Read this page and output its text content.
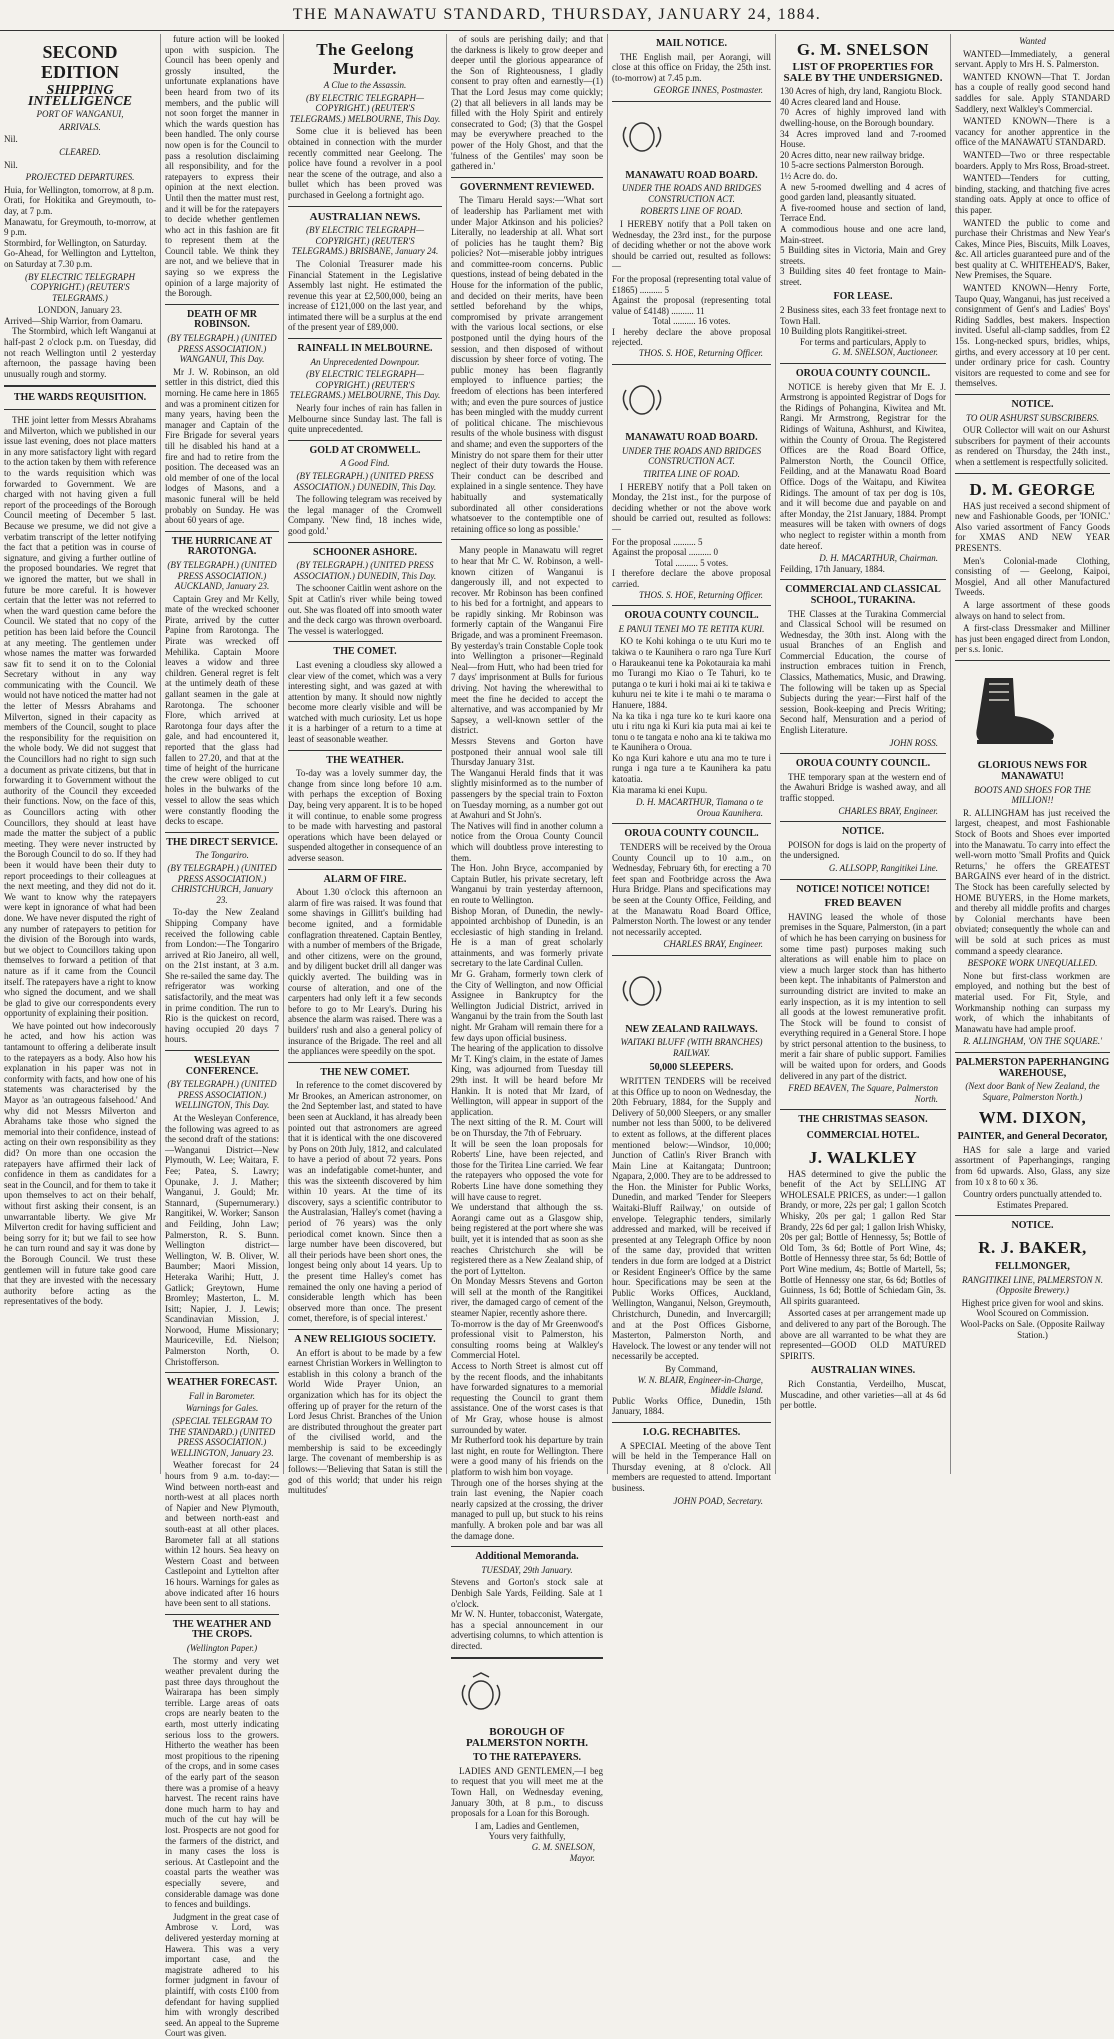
THE MANAWATU STANDARD, THURSDAY, JANUARY 24, 1884.
SECOND EDITION
SHIPPING INTELLIGENCE
PORT OF WANGANUI,
ARRIVALS.
Nil.
CLEARED.
Nil.
PROJECTED DEPARTURES.
Huia, for Wellington, tomorrow, at 8 p.m.
Orati, for Hokitika and Greymouth, to-day, at 7 p.m.
Manawatu, for Greymouth, to-morrow, at 9 p.m.
Stormbird, for Wellington, on Saturday.
Go-Ahead, for Wellington and Lyttelton, on Saturday at 7.30 p.m.
(BY ELECTRIC TELEGRAPH COPYRIGHT.) (REUTER'S TELEGRAMS.)
LONDON, January 23.
Arrived—Ship Warrior, from Oamaru.

The Stormbird, which left Wanganui at half-past 2 o'clock p.m. on Tuesday, did not reach Wellington until 2 yesterday afternoon, the passage having been unusually rough and stormy.

THE WARDS REQUISITION.

THE joint letter from Messrs Abrahams and Milverton, which we published in our issue last evening, does not place matters in any more satisfactory light with regard to the action taken by them with reference to the wards requisition which was forwarded to Government. We are charged with not having given a full report of the proceedings of the Borough Council meeting of December 5 last. Because we presume, we did not give a verbatim transcript of the letter notifying the fact that a petition was in course of signature, and giving a further outline of the proposed boundaries. We regret that we ignored the matter, but we shall in future be more careful. It is however certain that the letter was not referred to when the ward question came before the Council. We stated that no copy of the petition has been laid before the Council at any meeting. The gentlemen under whose names the matter was forwarded saw fit to send it on to the Colonial Secretary without in any way communicating with the Council. We would not have noticed the matter had not the letter of Messrs Abrahams and Milverton, signed in their capacity as members of the Council, sought to place the responsibility for the requisition on the whole body. We did not suggest that the Councillors had no right to sign such a document as private citizens, but that in forwarding it to Government without the authority of the Council they exceeded their functions. Now, on the face of this, as Councillors acting with other Councillors, they should at least have made the matter the subject of a public meeting. They were never instructed by the Borough Council to do so. If they had been it would have been their duty to report proceedings to their colleagues at the next meeting, and they did not do it. We want to know why the ratepayers were kept in ignorance of what had been done. We have never disputed the right of any number of ratepayers to petition for the division of the Borough into wards, but we object to Councillors taking upon themselves to forward a petition of that nature as if it came from the Council itself. The ratepayers have a right to know who signed the document, and we shall be glad to give our correspondents every opportunity of explaining their position.

We have pointed out how indecorously he acted, and how his action was tantamount to offering a deliberate insult to the ratepayers as a body. Also how his explanation in his paper was not in conformity with facts, and how one of his statements was characterised by the Mayor as 'an outrageous falsehood.' And why did not Messrs Milverton and Abrahams take those who signed the memorial into their confidence, instead of acting on their own responsibility as they did? On more than one occasion the ratepayers have affirmed their lack of confidence in them as candidates for a seat in the Council, and for them to take it upon themselves to act on their behalf, without first asking their consent, is an unwarrantable liberty. We give Mr Milverton credit for having sufficient and being sorry for it; but we fail to see how he can turn round and say it was done by the Borough Council. We trust these gentlemen will in future take good care that they are invested with the necessary authority before acting as the representatives of the body.

future action will be looked upon with suspicion. The Council has been openly and grossly insulted, the unfortunate explanations have been heard from two of its members, and the public will not soon forget the manner in which the wards question has been handled. The only course now open is for the Council to pass a resolution disclaiming all responsibility, and for the ratepayers to express their opinion at the next election. Until then the matter must rest, and it will be for the ratepayers to decide whether gentlemen who act in this fashion are fit to represent them at the Council table. We think they are not, and we believe that in saying so we express the opinion of a large majority of the Borough.

DEATH OF MR ROBINSON.
(BY TELEGRAPH.) (UNITED PRESS ASSOCIATION.) WANGANUI, This Day.

Mr J. W. Robinson, an old settler in this district, died this morning. He came here in 1865 and was a prominent citizen for many years, having been the manager and Captain of the Fire Brigade for several years till he disabled his hand at a fire and had to retire from the position. The deceased was an old member of one of the local lodges of Masons, and a masonic funeral will be held probably on Sunday. He was about 60 years of age.

THE HURRICANE AT RAROTONGA.
(BY TELEGRAPH.) (UNITED PRESS ASSOCIATION.) AUCKLAND, January 23.

Captain Grey and Mr Kelly, mate of the wrecked schooner Pirate, arrived by the cutter Papine from Rarotonga. The Pirate was wrecked off Mehilika. Captain Moore leaves a widow and three children. General regret is felt at the untimely death of these gallant seamen in the gale at Rarotonga. The schooner Flore, which arrived at Rarotonga four days after the gale, and had encountered it, reported that the glass had fallen to 27.20, and that at the time of height of the hurricane the crew were obliged to cut holes in the bulwarks of the vessel to allow the seas which were constantly flooding the decks to escape.

THE DIRECT SERVICE.
The Tongariro.
(BY TELEGRAPH.) (UNITED PRESS ASSOCIATION.) CHRISTCHURCH, January 23.

To-day the New Zealand Shipping Company have received the following cable from London:—The Tongariro arrived at Rio Janeiro, all well, on the 21st instant, at 3 a.m. She re-sailed the same day. The refrigerator was working satisfactorily, and the meat was in prime condition. The run to Rio is the quickest on record, having occupied 20 days 7 hours.

WESLEYAN CONFERENCE.
(BY TELEGRAPH.) (UNITED PRESS ASSOCIATION.) WELLINGTON, This Day.

At the Wesleyan Conference, the following was agreed to as the second draft of the stations:—Wanganui District—New Plymouth, W. Lee; Waitara, F. Fee; Patea, S. Lawry; Opunake, J. J. Mather; Wanganui, J. Gould; Mr. Stannard, (Supernumerary.) Rangitikei, W. Worker; Sanson and Feilding, John Law; Palmerston, R. S. Bunn. Wellington district—Wellington, W. B. Oliver, W. Baumber; Maori Mission, Heteraka Warihi; Hutt, J. Gatlick; Greytown, Hume Bromley; Masterton, L. M. Isitt; Napier, J. J. Lewis; Scandinavian Mission, J. Norwood, Hume Missionary; Mauriceville, Ed. Nielson; Palmerston North, O. Christofferson.

WEATHER FORECAST.
Fall in Barometer.
Warnings for Gales.
(SPECIAL TELEGRAM TO THE STANDARD.) (UNITED PRESS ASSOCIATION.) WELLINGTON, January 23.

Weather forecast for 24 hours from 9 a.m. to-day:—Wind between north-east and north-west at all places north of Napier and New Plymouth, and between north-east and south-east at all other places. Barometer fall at all stations within 12 hours. Sea heavy on Western Coast and between Castlepoint and Lyttelton after 16 hours. Warnings for gales as above indicated after 16 hours have been sent to all stations.

THE WEATHER AND THE CROPS.
(Wellington Paper.)

The stormy and very wet weather prevalent during the past three days throughout the Wairarapa has been simply terrible. Large areas of oats crops are nearly beaten to the earth, most utterly indicating serious loss to the growers. Hitherto the weather has been most propitious to the ripening of the crops, and in some cases of the early part of the season there was a promise of a heavy harvest. The recent rains have done much harm to hay and much of the cut hay will be lost. Prospects are not good for the farmers of the district, and in many cases the loss is serious. At Castlepoint and the coastal parts the weather was especially severe, and considerable damage was done to fences and buildings.

Judgment in the great case of Ambrose v. Lord, was delivered yesterday morning at Hawera. This was a very important case, and the magistrate adhered to his former judgment in favour of plaintiff, with costs £100 from defendant for having supplied him with wrongly described seed. An appeal to the Supreme Court was given.

The Geelong Murder.
A Clue to the Assassin.
(BY ELECTRIC TELEGRAPH—COPYRIGHT.) (REUTER'S TELEGRAMS.) MELBOURNE, This Day.

Some clue it is believed has been obtained in connection with the murder recently committed near Geelong. The police have found a revolver in a pool near the scene of the outrage, and also a bullet which has been proved was purchased in Geelong a fortnight ago.

AUSTRALIAN NEWS.
(BY ELECTRIC TELEGRAPH—COPYRIGHT.) (REUTER'S TELEGRAMS.) BRISBANE, January 24.

The Colonial Treasurer made his Financial Statement in the Legislative Assembly last night. He estimated the revenue this year at £2,500,000, being an increase of £121,000 on the last year, and intimated there will be a surplus at the end of the present year of £89,000.

RAINFALL IN MELBOURNE.
An Unprecedented Downpour.
(BY ELECTRIC TELEGRAPH—COPYRIGHT.) (REUTER'S TELEGRAMS.) MELBOURNE, This Day.

Nearly four inches of rain has fallen in Melbourne since Sunday last. The fall is quite unprecedented.

GOLD AT CROMWELL.
A Good Find.
(BY TELEGRAPH.) (UNITED PRESS ASSOCIATION.) DUNEDIN, This Day.

The following telegram was received by the legal manager of the Cromwell Company. 'New find, 18 inches wide, good gold.'

SCHOONER ASHORE.
(BY TELEGRAPH.) (UNITED PRESS ASSOCIATION.) DUNEDIN, This Day.

The schooner Caitlin went ashore on the Spit at Catlin's river while being towed out. She was floated off into smooth water and the deck cargo was thrown overboard. The vessel is waterlogged.

THE COMET.

Last evening a cloudless sky allowed a clear view of the comet, which was a very interesting sight, and was gazed at with attention by many. It should now nightly become more clearly visible and will be watched with much curiosity. Let us hope it is a harbinger of a return to a time at least of seasonable weather.

THE WEATHER.

To-day was a lovely summer day, the change from since long before 10 a.m. with perhaps the exception of Boxing Day, being very apparent. It is to be hoped it will continue, to enable some progress to be made with harvesting and pastoral operations which have been delayed or suspended altogether in consequence of an adverse season.

ALARM OF FIRE.

About 1.30 o'clock this afternoon an alarm of fire was raised. It was found that some shavings in Gillitt's building had become ignited, and a formidable conflagration threatened. Captain Bentley, with a number of members of the Brigade, and other citizens, were on the ground, and by diligent bucket drill all danger was quickly averted. The building was in course of alteration, and one of the carpenters had only left it a few seconds before to go to Mr Leary's. During his absence the alarm was raised. There was a builders' rush and also a general policy of insurance of the Brigade. The reel and all the appliances were speedily on the spot.

THE NEW COMET.

In reference to the comet discovered by Mr Brookes, an American astronomer, on the 2nd September last, and stated to have been seen at Auckland, it has already been pointed out that astronomers are agreed that it is identical with the one discovered by Pons on 20th July, 1812, and calculated to have a period of about 72 years. Pons was an indefatigable comet-hunter, and this was the sixteenth discovered by him within 10 years. At the time of its discovery, says a scientific contributor to the Australasian, 'Halley's comet (having a period of 76 years) was the only periodical comet known. Since then a large number have been discovered, but all their periods have been short ones, the longest being only about 14 years. Up to the present time Halley's comet has remained the only one having a period of considerable length which has been observed more than once. The present comet, therefore, is of special interest.'

A NEW RELIGIOUS SOCIETY.

An effort is about to be made by a few earnest Christian Workers in Wellington to establish in this colony a branch of the World Wide Prayer Union, an organization which has for its object the offering up of prayer for the return of the Lord Jesus Christ. Branches of the Union are distributed throughout the greater part of the civilised world, and the membership is said to be exceedingly large. The covenant of membership is as follows:—'Believing that Satan is still the god of this world; that under his reign multitudes'

of souls are perishing daily; and that the darkness is likely to grow deeper and deeper until the glorious appearance of the Son of Righteousness, I gladly consent to pray often and earnestly—(1) That the Lord Jesus may come quickly; (2) that all believers in all lands may be filled with the Holy Spirit and entirely consecrated to God; (3) that the Gospel may be everywhere preached to the power of the Holy Ghost, and that the 'fulness of the Gentiles' may soon be gathered in.'

GOVERNMENT REVIEWED.

The Timaru Herald says:—'What sort of leadership has Parliament met with under Major Atkinson and his policies? Literally, no leadership at all. What sort of policies has he taught them? Big policies? Not—miserable jobby intrigues and committee-room concerns. Public questions, instead of being debated in the House for the information of the public, and decided on their merits, have been settled beforehand by the whips, compromised by private arrangement with the various local sections, or else postponed until the dying hours of the session, and then disposed of without discussion by sheer force of voting. The public money has been flagrantly employed to influence parties; the freedom of elections has been interfered with; and even the pure sources of justice has been mingled with the muddy current of political chicane. The mischievous results of the whole business with disgust and shame; and even the supporters of the Ministry do not spare them for their utter neglect of their duty towards the House. Their conduct can be described and explained in a single sentence. They have habitually and systematically subordinated all other considerations whatsoever to the contemptible one of retaining office so long as possible.'

Many people in Manawatu will regret to hear that Mr C. W. Robinson, a well-known citizen of Wanganui is dangerously ill, and not expected to recover. Mr Robinson has been confined to his bed for a fortnight, and appears to be rapidly sinking. Mr Robinson was formerly captain of the Wanganui Fire Brigade, and was a prominent Freemason.
By yesterday's train Constable Cople took into Wellington a prisoner—Reginald Neal—from Hutt, who had been tried for 7 days' imprisonment at Bulls for furious driving. Not having the wherewithal to meet the fine he decided to accept the alternative, and was accompanied by Mr Sapsey, a well-known settler of the district.
Messrs Stevens and Gorton have postponed their annual wool sale till Thursday January 31st.
The Wanganui Herald finds that it was slightly misinformed as to the number of passengers by the special train to Foxton on Tuesday morning, as a number got out at Awahuri and St John's.
The Natives will find in another column a notice from the Oroua County Council which will doubtless prove interesting to them.
The Hon. John Bryce, accompanied by Captain Butler, his private secretary, left Wanganui by train yesterday afternoon, en route to Wellington.
Bishop Moran, of Dunedin, the newly-appointed archbishop of Dunedin, is an ecclesiastic of high standing in Ireland. He is a man of great scholarly attainments, and was formerly private secretary to the late Cardinal Cullen.
Mr G. Graham, formerly town clerk of the City of Wellington, and now Official Assignee in Bankruptcy for the Wellington Judicial District, arrived in Wanganui by the train from the South last night. Mr Graham will remain there for a few days upon official business.
The hearing of the application to dissolve Mr T. King's claim, in the estate of James King, was adjourned from Tuesday till 29th inst. It will be heard before Mr Hankin. It is noted that Mr Izard, of Wellington, will appear in support of the application.
The next sitting of the R. M. Court will be on Thursday, the 7th of February.
It will be seen the loan proposals for Roberts' Line, have been rejected, and those for the Tiritea Line carried. We fear the ratepayers who opposed the vote for Roberts Line have done something they will have cause to regret.
We understand that although the ss. Aorangi came out as a Glasgow ship, being registered at the port where she was built, yet it is intended that as soon as she reaches Christchurch she will be registered there as a New Zealand ship, of the port of Lyttelton.
On Monday Messrs Stevens and Gorton will sell at the month of the Rangitikei river, the damaged cargo of cement of the steamer Napier, recently ashore there.
To-morrow is the day of Mr Greenwood's professional visit to Palmerston, his consulting rooms being at Walkley's Commercial Hotel.
Access to North Street is almost cut off by the recent floods, and the inhabitants have forwarded signatures to a memorial requesting the Council to grant them assistance. One of the worst cases is that of Mr Gray, whose house is almost surrounded by water.
Mr Rutherford took his departure by train last night, en route for Wellington. There were a good many of his friends on the platform to wish him bon voyage.
Through one of the horses shying at the train last evening, the Napier coach nearly capsized at the crossing, the driver managed to pull up, but stuck to his reins manfully. A broken pole and bar was all the damage done.

Additional Memoranda.
TUESDAY, 29th January.
Stevens and Gorton's stock sale at Denbigh Sale Yards, Feilding. Sale at 1 o'clock.
Mr W. N. Hunter, tobacconist, Watergate, has a special announcement in our advertising columns, to which attention is directed.
BOROUGH OF PALMERSTON NORTH.
TO THE RATEPAYERS.

LADIES AND GENTLEMEN,—I beg to request that you will meet me at the Town Hall, on Wednesday evening, January 30th, at 8 p.m., to discuss proposals for a Loan for this Borough.

I am, Ladies and Gentlemen,
Yours very faithfully,
G. M. SNELSON,
Mayor.
MAIL NOTICE.

THE English mail, per Aorangi, will close at this office on Friday, the 25th inst. (to-morrow) at 7.45 p.m.

GEORGE INNES, Postmaster.
MANAWATU ROAD BOARD.
UNDER THE ROADS AND BRIDGES CONSTRUCTION ACT.
ROBERTS LINE OF ROAD.

I HEREBY notify that a Poll taken on Wednesday, the 23rd inst., for the purpose of deciding whether or not the above work should be carried out, resulted as follows:—

For the proposal (representing total value of £1865) .......... 5
Against the proposal (representing total value of £4148) .......... 11
Total .......... 16 votes.
I hereby declare the above proposal rejected.
THOS. S. HOE, Returning Officer.
MANAWATU ROAD BOARD.
UNDER THE ROADS AND BRIDGES CONSTRUCTION ACT.
TIRITEA LINE OF ROAD.

I HEREBY notify that a Poll taken on Monday, the 21st inst., for the purpose of deciding whether or not the above work should be carried out, resulted as follows:—

For the proposal .......... 5
Against the proposal .......... 0
Total .......... 5 votes.
I therefore declare the above proposal carried.
THOS. S. HOE, Returning Officer.
OROUA COUNTY COUNCIL.
E PANUI TENEI MO TE RETITA KURI.

KO te Kohi kohinga o te utu Kuri mo te takiwa o te Kaunihera o raro nga Ture Kurī o Haraukeanui tene ka Pokotauraia ka mahi mo Turangi mo Kiao o Te Tahuri, ko te putanga o te kuri i hoki mai ai ki te takiwa e kuhuru nei te kite i te mahi o te marama o Hanuere, 1884.
Na ka tika i nga ture ko te kuri kaore ona utu i ritu nga ki Kuri kia puta mai ai kei te tonu o te tangata e noho ana ki te takiwa mo te Kaunihera o Oroua.
Ko nga Kuri kahore e utu ana mo te ture i runga i nga ture a te Kaunihera ka patu katoatia.
Kia marama ki enei Kupu.

D. H. MACARTHUR, Tiamana o te Oroua Kaunihera.
OROUA COUNTY COUNCIL.

TENDERS will be received by the Oroua County Council up to 10 a.m., on Wednesday, February 6th, for erecting a 70 feet span and Footbridge across the Awa Hura Bridge. Plans and specifications may be seen at the County Office, Feilding, and at the Manawatu Road Board Office, Palmerston North. The lowest or any tender not necessarily accepted.

CHARLES BRAY, Engineer.
NEW ZEALAND RAILWAYS.
WAITAKI BLUFF (WITH BRANCHES) RAILWAY.
50,000 SLEEPERS.

WRITTEN TENDERS will be received at this Office up to noon on Wednesday, the 20th February, 1884, for the Supply and Delivery of 50,000 Sleepers, or any smaller number not less than 5000, to be delivered to extent as follows, at the different places mentioned below:—Windsor, 10,000; Junction of Catlin's River Branch with Main Line at Kaitangata; Duntroon; Ngapara, 2,000. They are to be addressed to the Hon. the Minister for Public Works, Dunedin, and marked 'Tender for Sleepers Waitaki-Bluff Railway,' on outside of envelope. Telegraphic tenders, similarly addressed and marked, will be received if presented at any Telegraph Office by noon of the same day, provided that written tenders in due form are lodged at a District or Resident Engineer's Office by the same hour. Specifications may be seen at the Public Works Offices, Auckland, Wellington, Wanganui, Nelson, Greymouth, Christchurch, Dunedin, and Invercargill; and at the Post Offices Gisborne, Masterton, Palmerston North, and Havelock. The lowest or any tender will not necessarily be accepted.

By Command,
W. N. BLAIR, Engineer-in-Charge, Middle Island.
Public Works Office, Dunedin, 15th January, 1884.
I.O.G. RECHABITES.

A SPECIAL Meeting of the above Tent will be held in the Temperance Hall on Thursday evening, at 8 o'clock. All members are requested to attend. Important business.

JOHN POAD, Secretary.
G. M. SNELSON
LIST OF PROPERTIES FOR SALE BY THE UNDERSIGNED.
130 Acres of high, dry land, Rangiotu Block.
40 Acres cleared land and House.
70 Acres of highly improved land with dwelling-house, on the Borough boundary.
34 Acres improved land and 7-roomed House.
20 Acres ditto, near new railway bridge.
10 5-acre sections Palmerston Borough.
1½ Acre do. do.
A new 5-roomed dwelling and 4 acres of good garden land, pleasantly situated.
A five-roomed house and section of land, Terrace End.
A commodious house and one acre land, Main-street.
5 Building sites in Victoria, Main and Grey streets.
3 Building sites 40 feet frontage to Main-street.
FOR LEASE.
2 Business sites, each 33 feet frontage next to Town Hall.
10 Building plots Rangitikei-street.
For terms and particulars, Apply to
G. M. SNELSON, Auctioneer.
OROUA COUNTY COUNCIL.

NOTICE is hereby given that Mr E. J. Armstrong is appointed Registrar of Dogs for the Ridings of Pohangina, Kiwitea and Mt. Rangi. Mr Armstrong, Registrar for the Ridings of Waituna, Ashhurst, and Kiwitea, within the County of Oroua. The Registered Offices are the Road Board Office, Palmerston North, the Council Office, Feilding, and at the Manawatu Road Board Office. Dogs of the Waitapu, and Kiwitea Ridings. The amount of tax per dog is 10s, and it will become due and payable on and after Monday, the 21st January, 1884. Prompt measures will be taken with owners of dogs who neglect to register within a month from date hereof.

D. H. MACARTHUR, Chairman.
Feilding, 17th January, 1884.
COMMERCIAL AND CLASSICAL SCHOOL, TURAKINA.

THE Classes at the Turakina Commercial and Classical School will be resumed on Wednesday, the 30th inst. Along with the usual Branches of an English and Commercial Education, the course of instruction embraces tuition in French, Classics, Mathematics, Music, and Drawing. The following will be taken up as Special Subjects during the year:—First half of the session, Book-keeping and Precis Writing; Second half, Mensuration and a period of English Literature.

JOHN ROSS.
OROUA COUNTY COUNCIL.

THE temporary span at the western end of the Awahuri Bridge is washed away, and all traffic stopped.

CHARLES BRAY, Engineer.
NOTICE.

POISON for dogs is laid on the property of the undersigned.

G. ALLSOPP, Rangitikei Line.
NOTICE! NOTICE! NOTICE!
FRED BEAVEN

HAVING leased the whole of those premises in the Square, Palmerston, (in a part of which he has been carrying on business for some time past) purposes making such alterations as will enable him to place on view a much larger stock than has hitherto been kept. The inhabitants of Palmerston and surrounding district are invited to make an early inspection, as it is my intention to sell all goods at the lowest remunerative profit. The Stock will be found to consist of everything required in a General Store. I hope by strict personal attention to the business, to merit a fair share of public support. Families will be waited upon for orders, and Goods delivered in any part of the district.

FRED BEAVEN, The Square, Palmerston North.
THE CHRISTMAS SEASON.
COMMERCIAL HOTEL.
J. WALKLEY

HAS determined to give the public the benefit of the Act by SELLING AT WHOLESALE PRICES, as under:—1 gallon Brandy, or more, 22s per gal; 1 gallon Scotch Whisky, 20s per gal; 1 gallon Red Star Brandy, 22s 6d per gal; 1 gallon Irish Whisky, 20s per gal; Bottle of Hennessy, 5s; Bottle of Old Tom, 3s 6d; Bottle of Port Wine, 4s; Bottle of Hennessy three star, 5s 6d; Bottle of Port Wine medium, 4s; Bottle of Martell, 5s; Bottle of Hennessy one star, 6s 6d; Bottles of Guinness, 1s 6d; Bottle of Schiedam Gin, 3s. All spirits guaranteed.

Assorted cases at per arrangement made up and delivered to any part of the Borough. The above are all warranted to be what they are represented—GOOD OLD MATURED SPIRITS.

AUSTRALIAN WINES.

Rich Constantia, Verdeilho, Muscat, Muscadine, and other varieties—all at 4s 6d per bottle.

Wanted

WANTED—Immediately, a general servant. Apply to Mrs H. S. Palmerston.

WANTED KNOWN—That T. Jordan has a couple of really good second hand saddles for sale. Apply STANDARD Saddlery, next Walkley's Commercial.

WANTED KNOWN—There is a vacancy for another apprentice in the office of the MANAWATU STANDARD.

WANTED—Two or three respectable boarders. Apply to Mrs Ross, Broad-street.

WANTED—Tenders for cutting, binding, stacking, and thatching five acres standing oats. Apply at once to office of this paper.

WANTED the public to come and purchase their Christmas and New Year's Cakes, Mince Pies, Biscuits, Milk Loaves, &c. All articles guaranteed pure and of the best quality at C. WHITEHEAD'S, Baker, New Premises, the Square.

WANTED KNOWN—Henry Forte, Taupo Quay, Wanganui, has just received a consignment of Gent's and Ladies' Boys' Riding Saddles, best makers. Inspection invited. Useful all-clamp saddles, from £2 15s. Long-necked spurs, bridles, whips, girths, and every accessory at 10 per cent. under ordinary price for cash. Country visitors are requested to come and see for themselves.

NOTICE.
TO OUR ASHURST SUBSCRIBERS.

OUR Collector will wait on our Ashurst subscribers for payment of their accounts as rendered on Thursday, the 24th inst., when a settlement is respectfully solicited.

D. M. GEORGE

HAS just received a second shipment of new and Fashionable Goods, per 'IONIC.' Also varied assortment of Fancy Goods for XMAS AND NEW YEAR PRESENTS.

Men's Colonial-made Clothing, consisting of — Geelong, Kaipoi, Mosgiel, And all other Manufactured Tweeds.

A large assortment of these goods always on hand to select from.

A first-class Dressmaker and Milliner has just been engaged direct from London, per s.s. Ionic.

GLORIOUS NEWS FOR MANAWATU!
BOOTS AND SHOES FOR THE MILLION!!

R. ALLINGHAM has just received the largest, cheapest, and most Fashionable Stock of Boots and Shoes ever imported into the Manawatu. To carry into effect the well-worn motto 'Small Profits and Quick Returns,' he offers the GREATEST BARGAINS ever heard of in the district. The Stock has been carefully selected by HOME BUYERS, in the Home markets, and thereby all middle profits and charges by Colonial merchants have been obviated; consequently the whole can and will be sold at such prices as must command a speedy clearance.

BESPOKE WORK UNEQUALLED.

None but first-class workmen are employed, and nothing but the best of material used. For Fit, Style, and Workmanship nothing can surpass my work, of which the inhabitants of Manawatu have had ample proof.

R. ALLINGHAM, 'ON THE SQUARE.'
PALMERSTON PAPERHANGING WAREHOUSE,
(Next door Bank of New Zealand, the Square, Palmerston North.)
WM. DIXON,
PAINTER, and General Decorator,

HAS for sale a large and varied assortment of Paperhangings, ranging from 6d upwards. Also, Glass, any size from 10 x 8 to 60 x 36.

Country orders punctually attended to.
Estimates Prepared.
NOTICE.
R. J. BAKER,
FELLMONGER,
RANGITIKEI LINE, PALMERSTON N. (Opposite Brewery.)
Highest price given for wool and skins.
Wool Scoured on Commission.
Wool-Packs on Sale. (Opposite Railway Station.)
